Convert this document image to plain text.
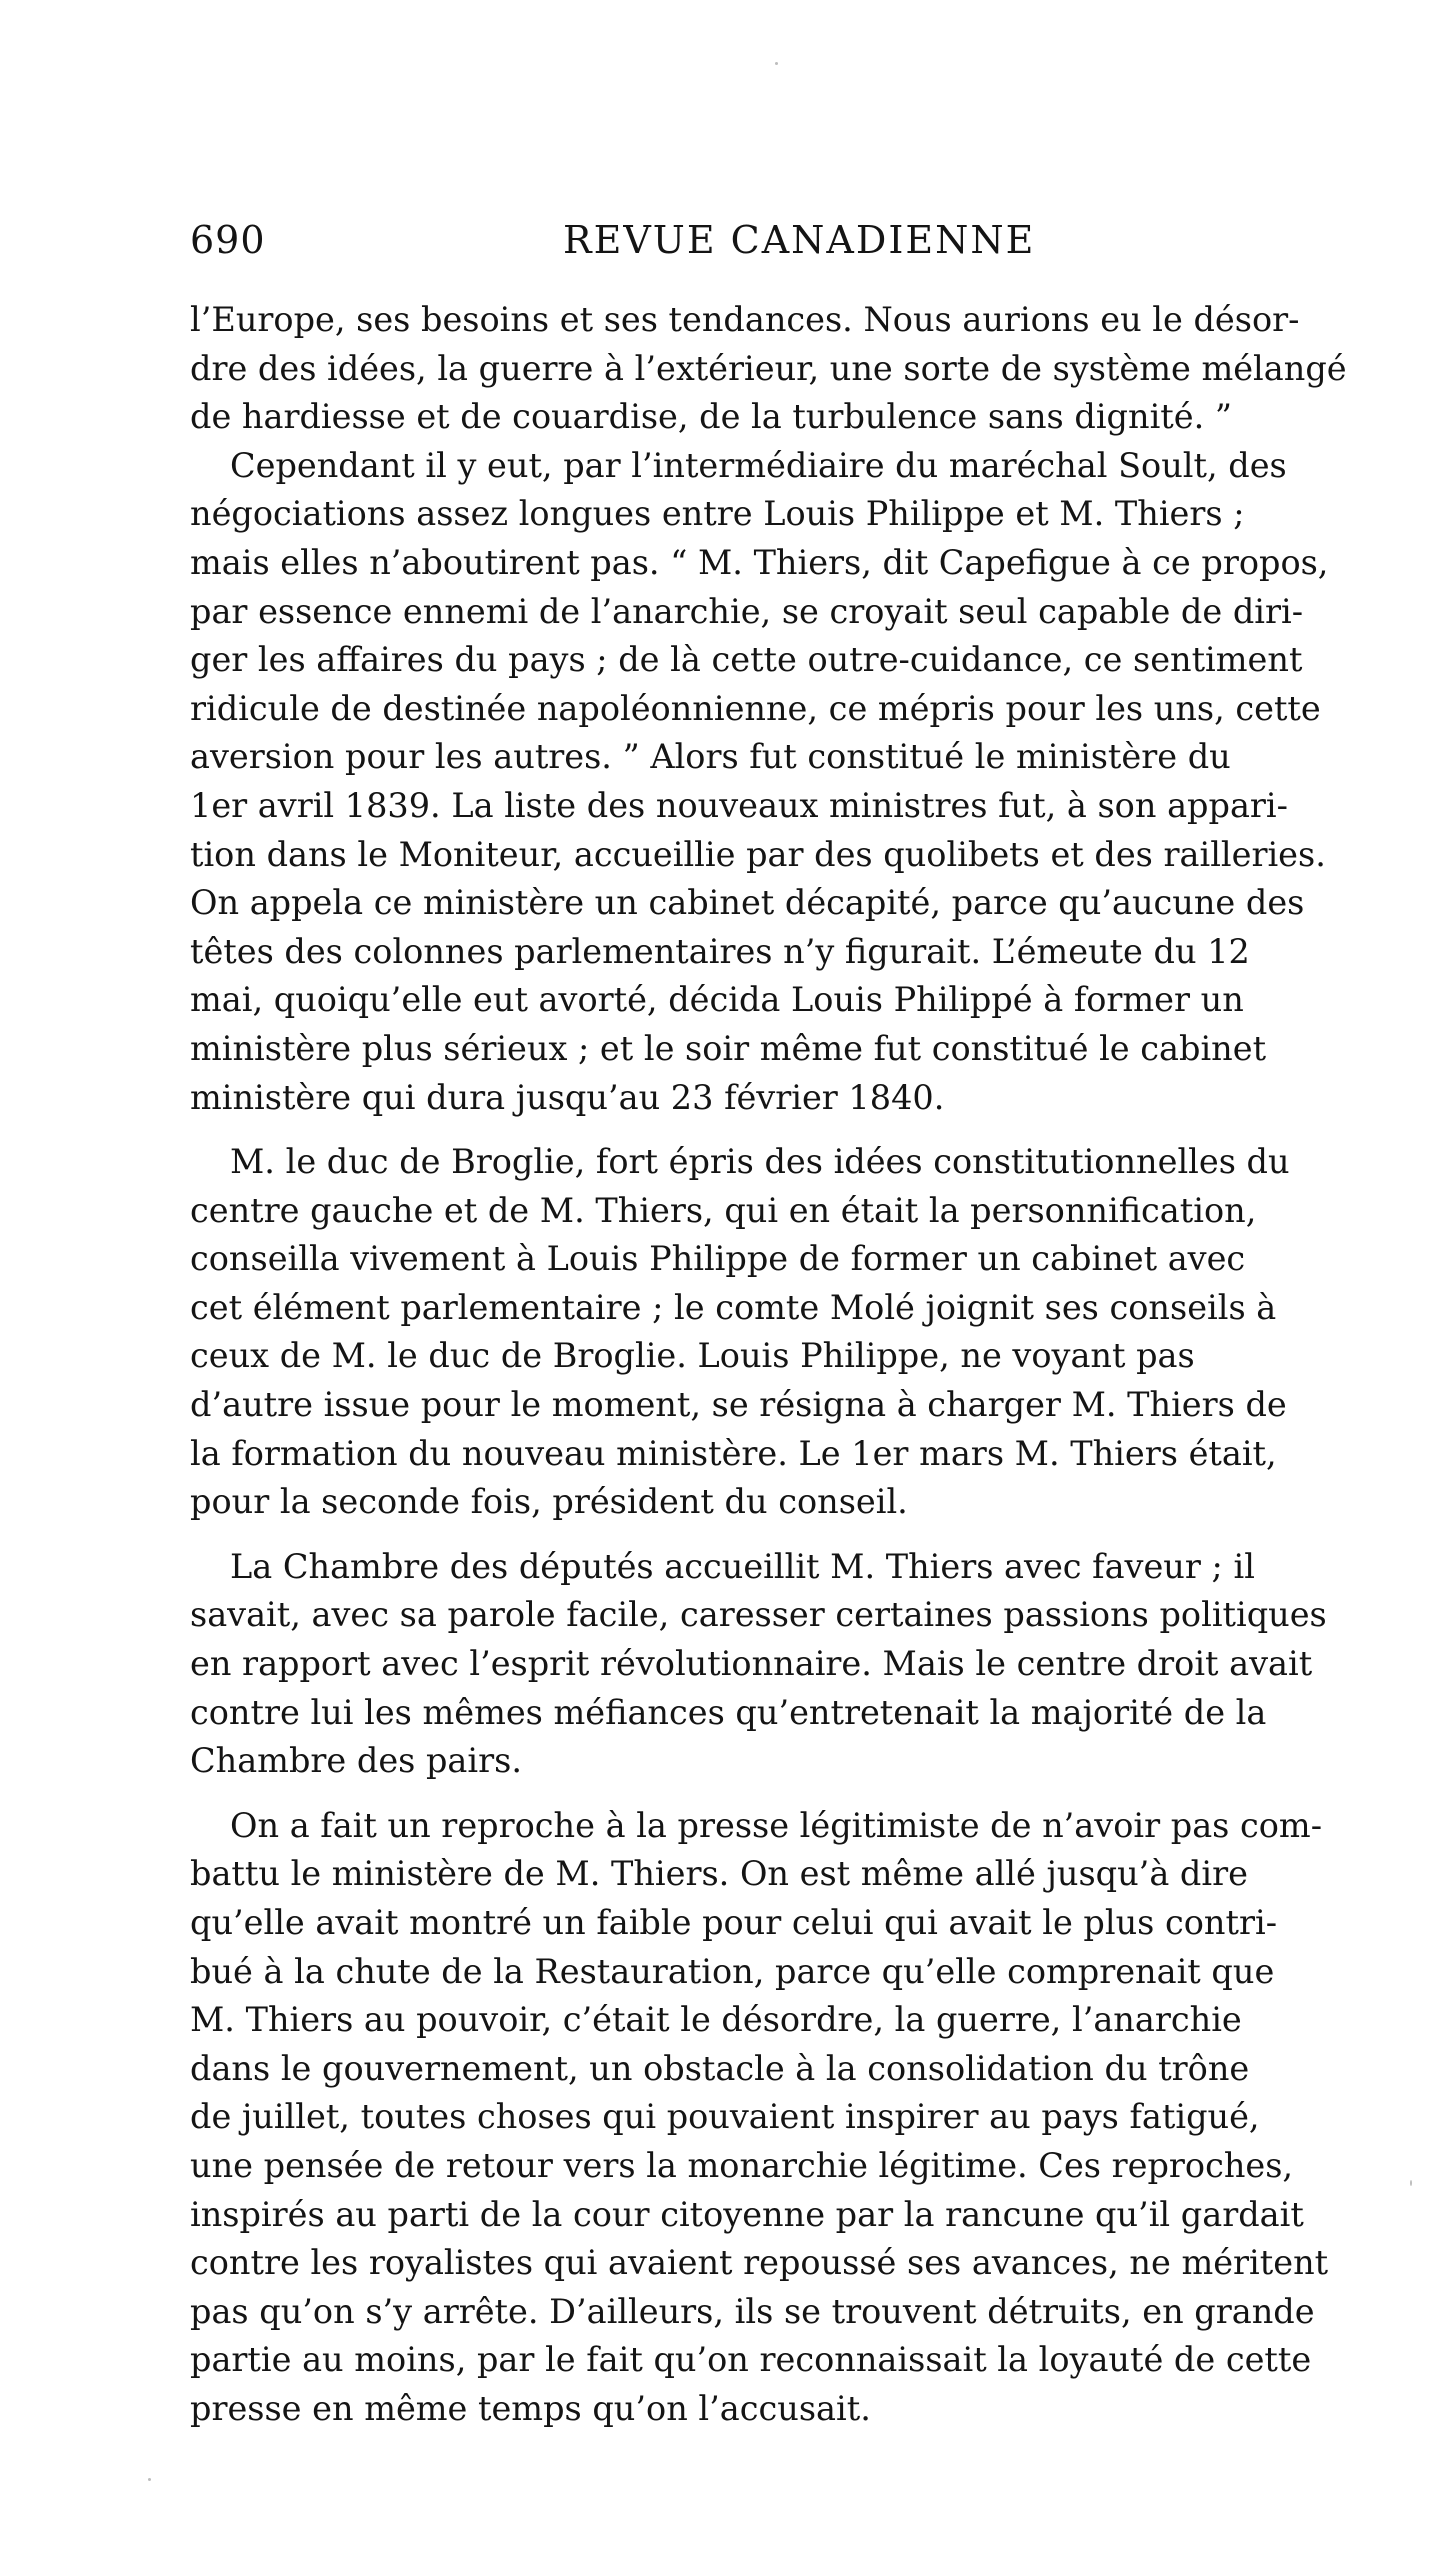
690	REVUE CANADIENNE
l’Europe, ses besoins et ses tendances. Nous aurions eu le désor-
dre des idées, la guerre à l’extérieur, une sorte de système mélangé
de hardiesse et de couardise, de la turbulence sans dignité. ”
Cependant il y eut, par l’intermédiaire du maréchal Soult, des
négociations assez longues entre Louis Philippe et M. Thiers ;
mais elles n’aboutirent pas. “ M. Thiers, dit Capefigue à ce propos,
par essence ennemi de l’anarchie, se croyait seul capable de diri-
ger les affaires du pays ; de là cette outre-cuidance, ce sentiment
ridicule de destinée napoléonnienne, ce mépris pour les uns, cette
aversion pour les autres. ” Alors fut constitué le ministère du
1er avril 1839. La liste des nouveaux ministres fut, à son appari-
tion dans le Moniteur, accueillie par des quolibets et des railleries.
On appela ce ministère un cabinet décapité, parce qu’aucune des
têtes des colonnes parlementaires n’y figurait. L’émeute du 12
mai, quoiqu’elle eut avorté, décida Louis Philippé à former un
ministère plus sérieux ; et le soir même fut constitué le cabinet
ministère qui dura jusqu’au 23 février 1840.
M. le duc de Broglie, fort épris des idées constitutionnelles du
centre gauche et de M. Thiers, qui en était la personnification,
conseilla vivement à Louis Philippe de former un cabinet avec
cet élément parlementaire ; le comte Molé joignit ses conseils à
ceux de M. le duc de Broglie. Louis Philippe, ne voyant pas
d’autre issue pour le moment, se résigna à charger M. Thiers de
la formation du nouveau ministère. Le 1er mars M. Thiers était,
pour la seconde fois, président du conseil.
La Chambre des députés accueillit M. Thiers avec faveur ; il
savait, avec sa parole facile, caresser certaines passions politiques
en rapport avec l’esprit révolutionnaire. Mais le centre droit avait
contre lui les mêmes méfiances qu’entretenait la majorité de la
Chambre des pairs.
On a fait un reproche à la presse légitimiste de n’avoir pas com-
battu le ministère de M. Thiers. On est même allé jusqu’à dire
qu’elle avait montré un faible pour celui qui avait le plus contri-
bué à la chute de la Restauration, parce qu’elle comprenait que
M. Thiers au pouvoir, c’était le désordre, la guerre, l’anarchie
dans le gouvernement, un obstacle à la consolidation du trône
de juillet, toutes choses qui pouvaient inspirer au pays fatigué,
une pensée de retour vers la monarchie légitime. Ces reproches,
inspirés au parti de la cour citoyenne par la rancune qu’il gardait
contre les royalistes qui avaient repoussé ses avances, ne méritent
pas qu’on s’y arrête. D’ailleurs, ils se trouvent détruits, en grande
partie au moins, par le fait qu’on reconnaissait la loyauté de cette
presse en même temps qu’on l’accusait.
